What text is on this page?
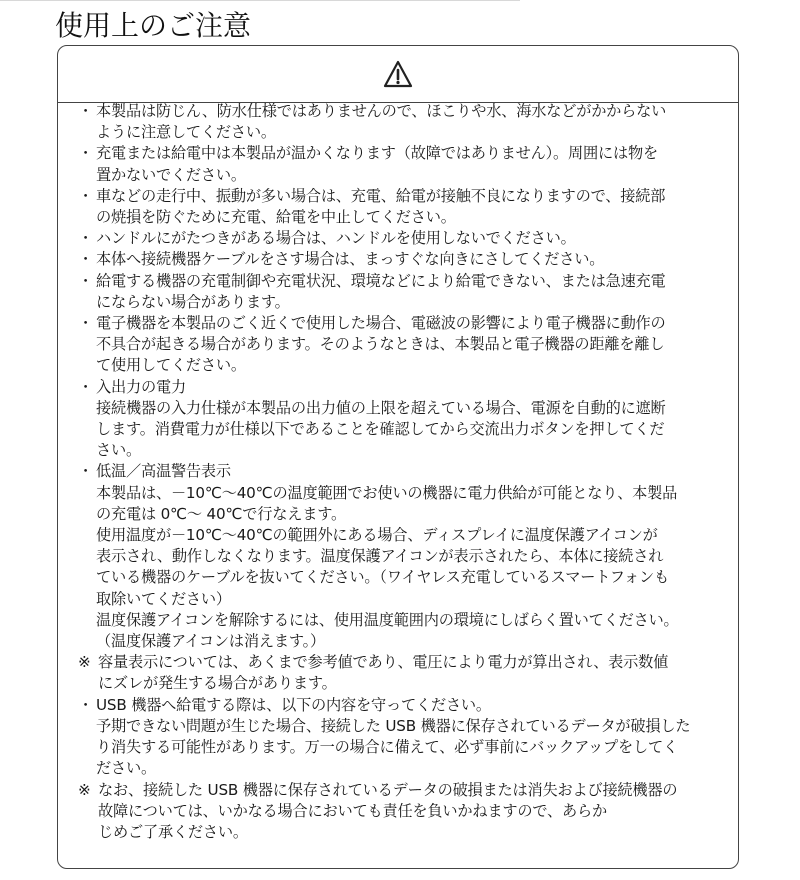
使用上のご注意
・ 本製品は防じん、防水仕様ではありませんので、ほこりや水、海水などがかからない
ように注意してください。
・ 充電または給電中は本製品が温かくなります（故障ではありません）。周囲には物を
置かないでください。
・ 車などの走行中、振動が多い場合は、充電、給電が接触不良になりますので、接続部
の焼損を防ぐために充電、給電を中止してください。
・ ハンドルにがたつきがある場合は、ハンドルを使用しないでください。
・ 本体へ接続機器ケーブルをさす場合は、まっすぐな向きにさしてください。
・ 給電する機器の充電制御や充電状況、環境などにより給電できない、または急速充電
にならない場合があります。
・ 電子機器を本製品のごく近くで使用した場合、電磁波の影響により電子機器に動作の
不具合が起きる場合があります。そのようなときは、本製品と電子機器の距離を離し
て使用してください。
・ 入出力の電力
接続機器の入力仕様が本製品の出力値の上限を超えている場合、電源を自動的に遮断
します。消費電力が仕様以下であることを確認してから交流出力ボタンを押してくだ
さい。
・ 低温／高温警告表示
本製品は、－10℃～40℃の温度範囲でお使いの機器に電力供給が可能となり、本製品
の充電は 0℃～ 40℃で行なえます。
使用温度が－10℃～40℃の範囲外にある場合、ディスプレイに温度保護アイコンが
表示され、動作しなくなります。温度保護アイコンが表示されたら、本体に接続され
ている機器のケーブルを抜いてください。（ワイヤレス充電しているスマートフォンも
取除いてください）
温度保護アイコンを解除するには、使用温度範囲内の環境にしばらく置いてください。
（温度保護アイコンは消えます。）
※ 容量表示については、あくまで参考値であり、電圧により電力が算出され、表示数値
にズレが発生する場合があります。
・ USB 機器へ給電する際は、以下の内容を守ってください。
予期できない問題が生じた場合、接続した USB 機器に保存されているデータが破損した
り消失する可能性があります。万一の場合に備えて、必ず事前にバックアップをしてく
ださい。
※ なお、接続した USB 機器に保存されているデータの破損または消失および接続機器の
故障については、いかなる場合においても責任を負いかねますので、あらか
じめご了承ください。
